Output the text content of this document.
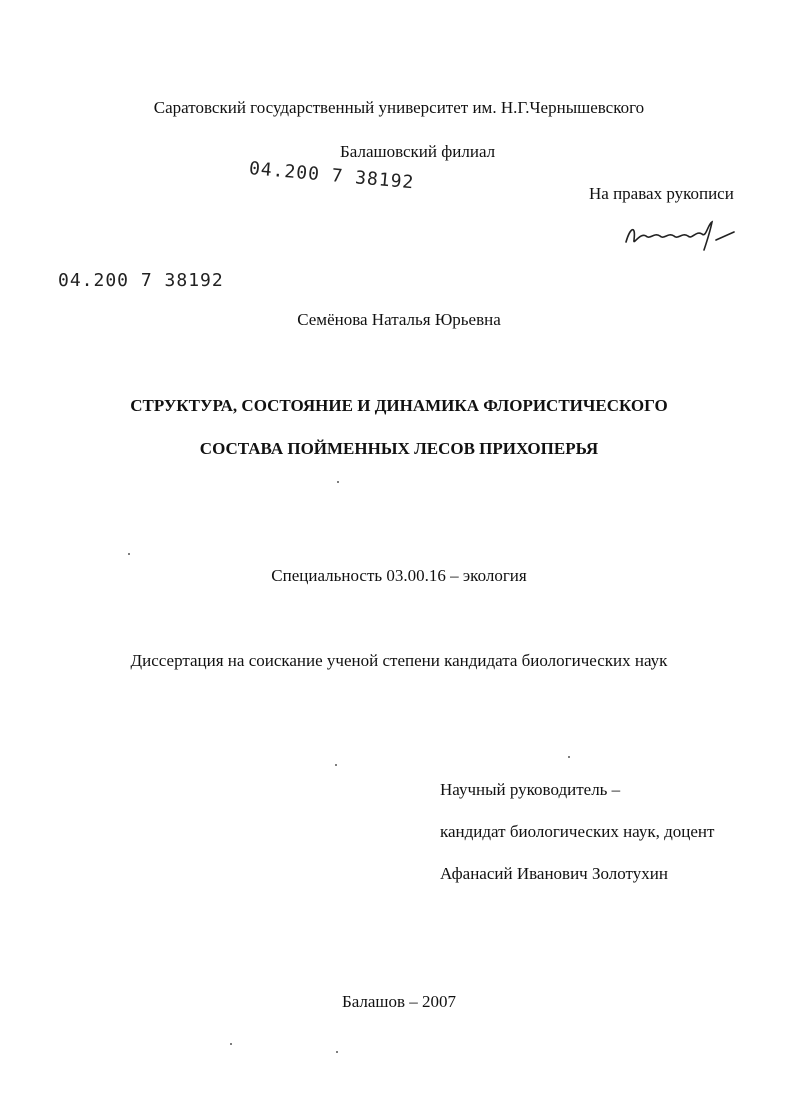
Саратовский государственный университет им. Н.Г.Чернышевского
Балашовский филиал
04.200 7 38192
На правах рукописи
04.200 7 38192
Семёнова Наталья Юрьевна
СТРУКТУРА, СОСТОЯНИЕ И ДИНАМИКА ФЛОРИСТИЧЕСКОГО
СОСТАВА ПОЙМЕННЫХ ЛЕСОВ ПРИХОПЕРЬЯ
Специальность 03.00.16 – экология
Диссертация на соискание ученой степени кандидата биологических наук
Научный руководитель –
кандидат биологических наук, доцент
Афанасий Иванович Золотухин
Балашов – 2007
